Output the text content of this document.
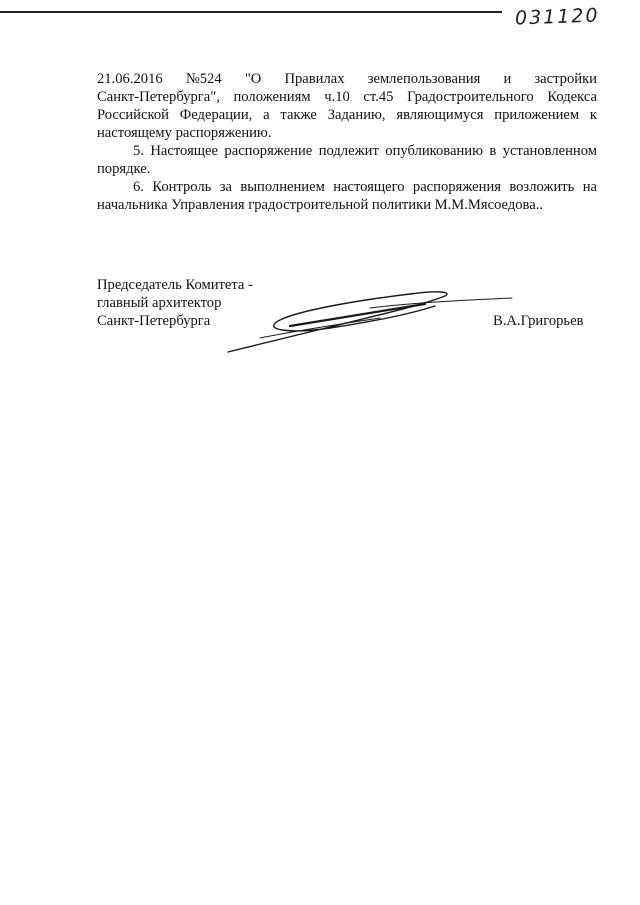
031120
21.06.2016 №524 "О Правилах землепользования и застройки

Санкт-Петербурга", положениям ч.10 ст.45 Градостроительного Кодекса Российской Федерации, а также Заданию, являющимуся приложением к настоящему распоряжению.

5. Настоящее распоряжение подлежит опубликованию в установленном порядке.

6. Контроль за выполнением настоящего распоряжения возложить на начальника Управления градостроительной политики М.М.Мясоедова..

Председатель Комитета -
главный архитектор
Санкт-Петербурга	В.А.Григорьев
